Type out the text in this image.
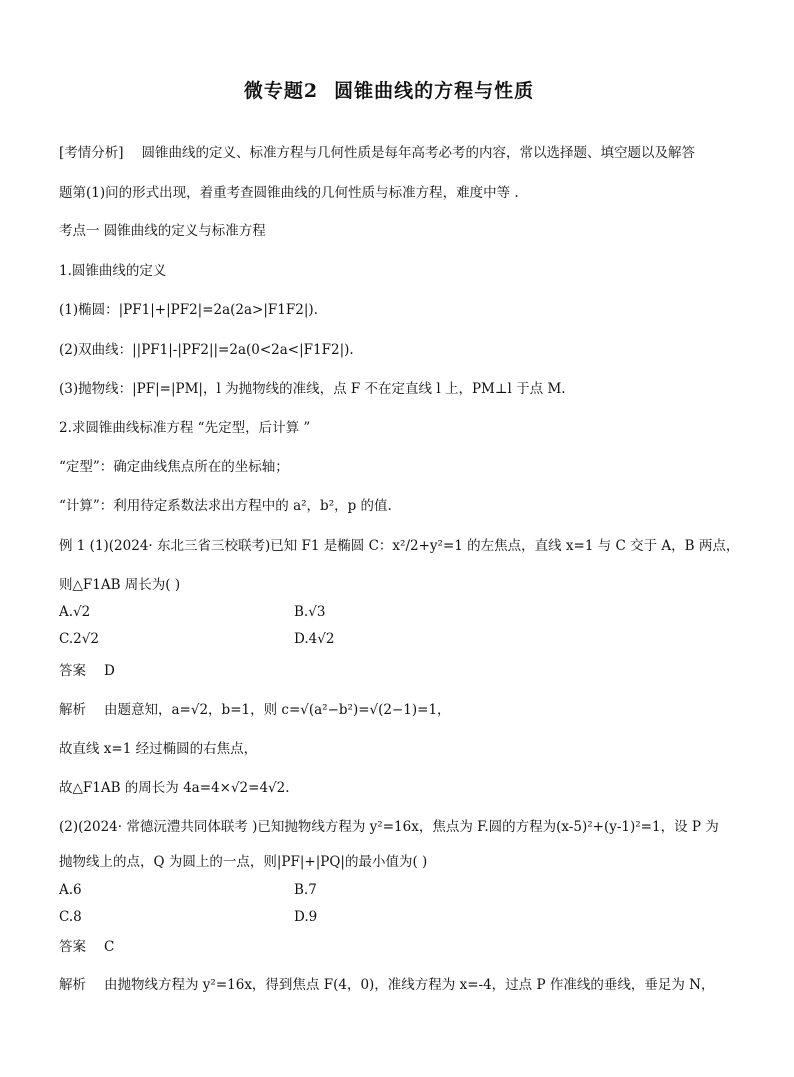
微专题2 圆锥曲线的方程与性质
[考情分析] 圆锥曲线的定义、标准方程与几何性质是每年高考必考的内容，常以选择题、填空题以及解答
题第(1)问的形式出现，着重考查圆锥曲线的几何性质与标准方程，难度中等 .
考点一 圆锥曲线的定义与标准方程
1.圆锥曲线的定义
(1)椭圆：|PF1|+|PF2|=2a(2a>|F1F2|).
(2)双曲线：||PF1|-|PF2||=2a(0<2a<|F1F2|).
(3)抛物线：|PF|=|PM|，l 为抛物线的准线，点 F 不在定直线 l 上，PM⊥l 于点 M.
2.求圆锥曲线标准方程 “先定型，后计算 ”
“定型”：确定曲线焦点所在的坐标轴；
“计算”：利用待定系数法求出方程中的 a²，b²，p 的值.
例 1 (1)(2024· 东北三省三校联考)已知 F1 是椭圆 C：x²/2+y²=1 的左焦点，直线 x=1 与 C 交于 A，B 两点，
则△F1AB 周长为( )
A.√2	B.√3
C.2√2	D.4√2
答案 D
解析 由题意知，a=√2，b=1，则 c=√(a²−b²)=√(2−1)=1，
故直线 x=1 经过椭圆的右焦点，
故△F1AB 的周长为 4a=4×√2=4√2.
(2)(2024· 常德沅澧共同体联考 )已知抛物线方程为 y²=16x，焦点为 F.圆的方程为(x-5)²+(y-1)²=1，设 P 为
抛物线上的点，Q 为圆上的一点，则|PF|+|PQ|的最小值为( )
A.6	B.7
C.8	D.9
答案 C
解析 由抛物线方程为 y²=16x，得到焦点 F(4，0)，准线方程为 x=-4，过点 P 作准线的垂线，垂足为 N，
